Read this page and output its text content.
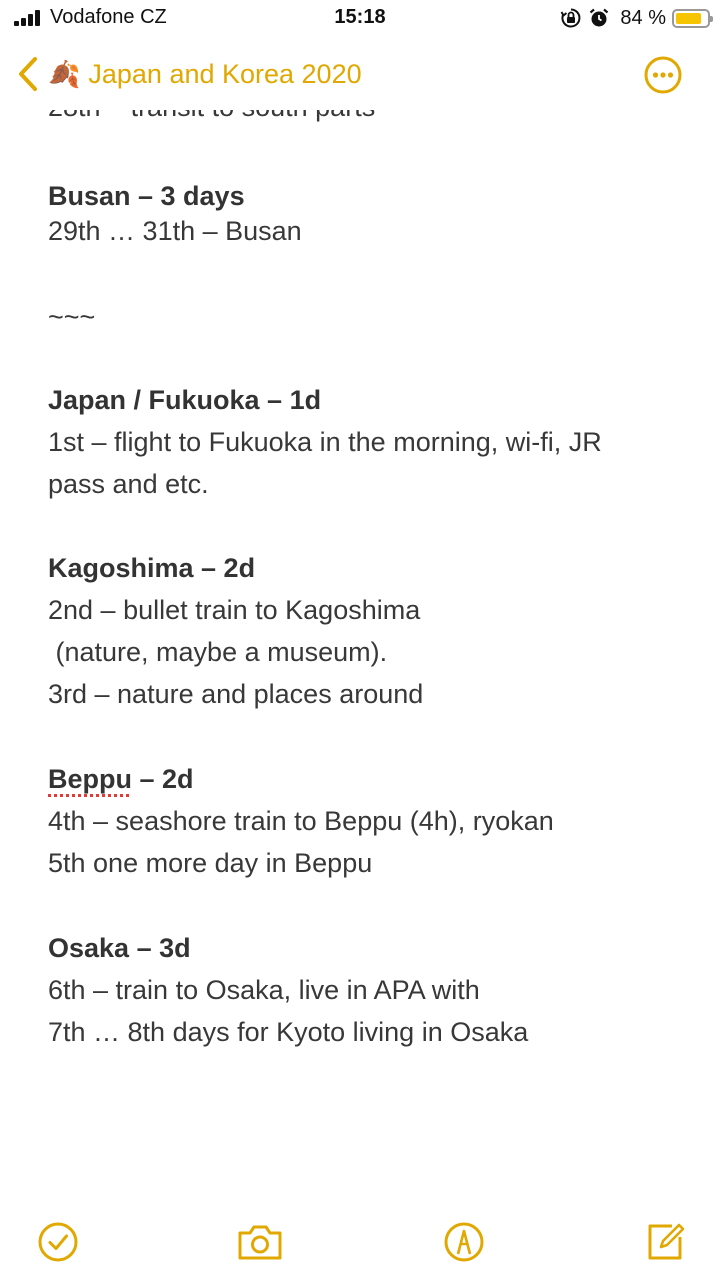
Vodafone CZ	15:18	84 %
Busan – 3 days
29th … 31th – Busan
~~~
Japan / Fukuoka – 1d
1st – flight to Fukuoka in the morning, wi-fi, JR
pass and etc.
Kagoshima – 2d
2nd – bullet train to Kagoshima
(nature, maybe a museum).
3rd – nature and places around
Beppu – 2d
4th – seashore train to Beppu (4h), ryokan
5th one more day in Beppu
Osaka – 3d
6th – train to Osaka, live in APA with
7th … 8th days for Kyoto living in Osaka
🍂 Japan and Korea 2020
